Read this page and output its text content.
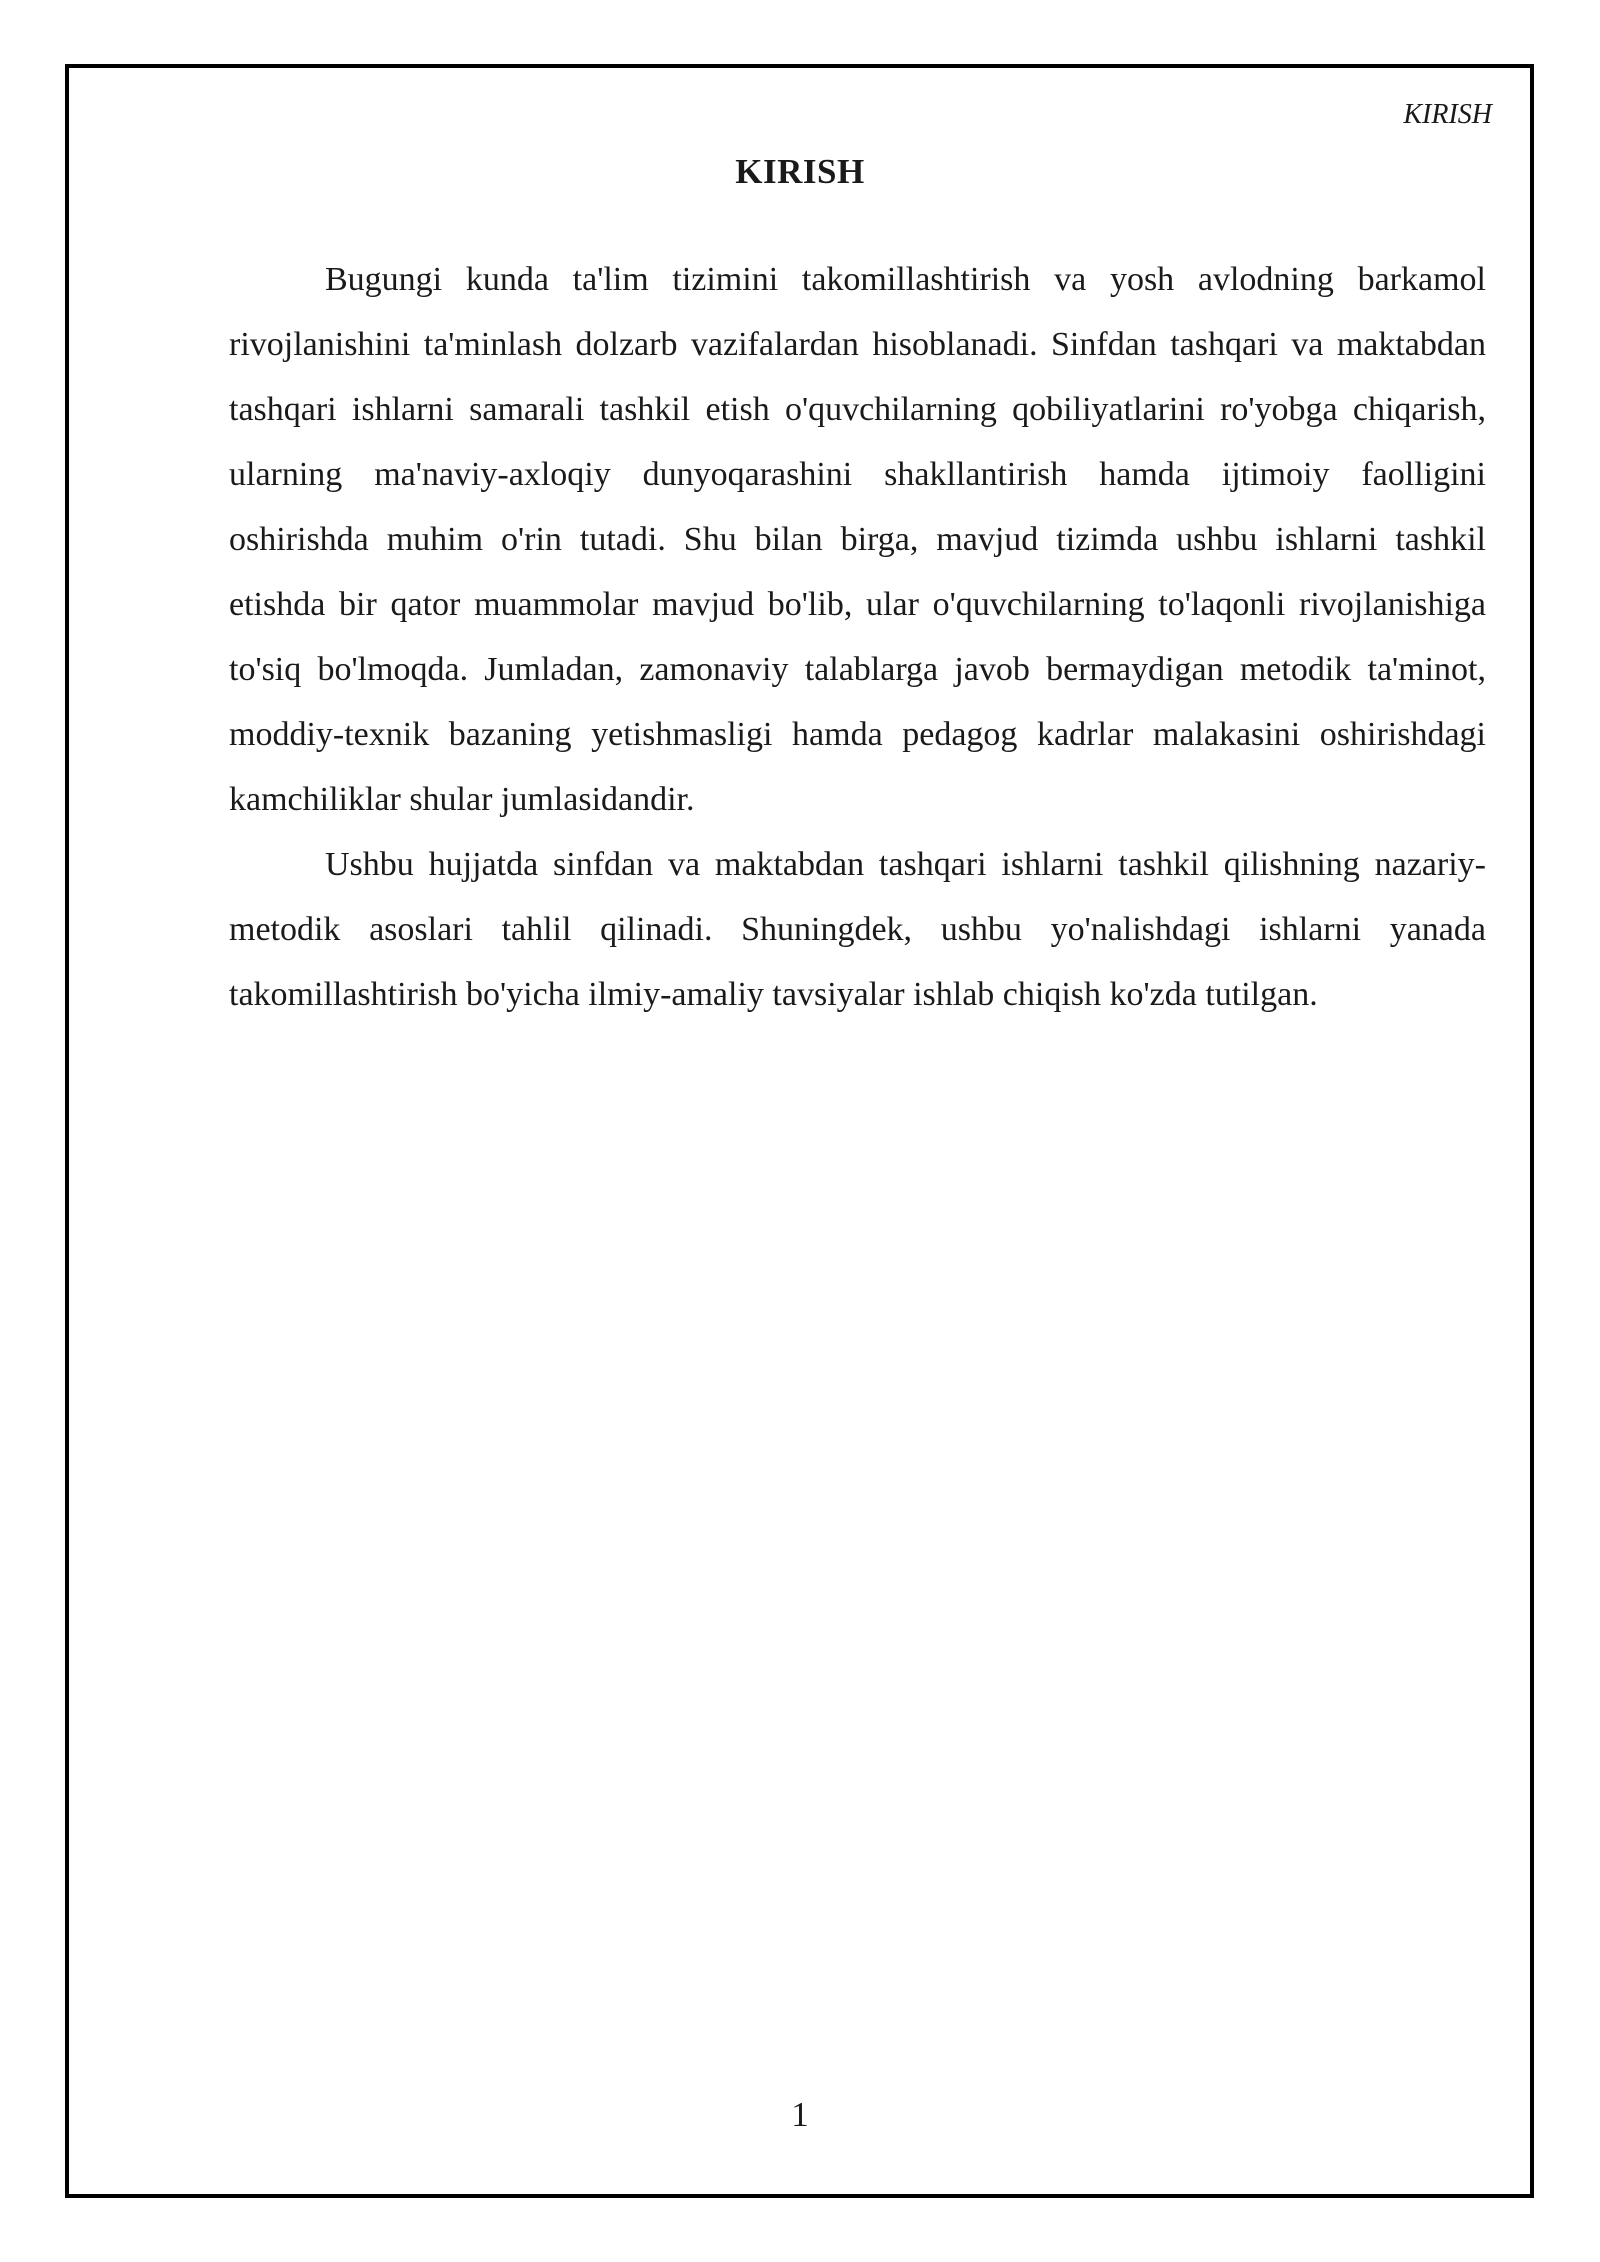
KIRISH
KIRISH

Bugungi kunda ta'lim tizimini takomillashtirish va yosh avlodning barkamol rivojlanishini ta'minlash dolzarb vazifalardan hisoblanadi. Sinfdan tashqari va maktabdan tashqari ishlarni samarali tashkil etish o'quvchilarning qobiliyatlarini ro'yobga chiqarish, ularning ma'naviy-axloqiy dunyoqarashini shakllantirish hamda ijtimoiy faolligini oshirishda muhim o'rin tutadi. Shu bilan birga, mavjud tizimda ushbu ishlarni tashkil etishda bir qator muammolar mavjud bo'lib, ular o'quvchilarning to'laqonli rivojlanishiga to'siq bo'lmoqda. Jumladan, zamonaviy talablarga javob bermaydigan metodik ta'minot, moddiy-texnik bazaning yetishmasligi hamda pedagog kadrlar malakasini oshirishdagi kamchiliklar shular jumlasidandir.

Ushbu hujjatda sinfdan va maktabdan tashqari ishlarni tashkil qilishning nazariy-metodik asoslari tahlil qilinadi. Shuningdek, ushbu yo'nalishdagi ishlarni yanada takomillashtirish bo'yicha ilmiy-amaliy tavsiyalar ishlab chiqish ko'zda tutilgan.

1
